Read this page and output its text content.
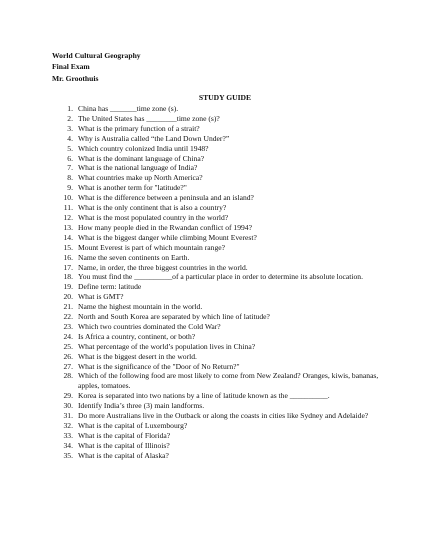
World Cultural Geography
Final Exam
Mr. Groothuis
STUDY GUIDE
1. China has _______time zone (s).
2. The United States has ________time zone (s)?
3. What is the primary function of a strait?
4. Why is Australia called “the Land Down Under?”
5. Which country colonized India until 1948?
6. What is the dominant language of China?
7. What is the national language of India?
8. What countries make up North America?
9. What is another term for "latitude?"
10. What is the difference between a peninsula and an island?
11. What is the only continent that is also a country?
12. What is the most populated country in the world?
13. How many people died in the Rwandan conflict of 1994?
14. What is the biggest danger while climbing Mount Everest?
15. Mount Everest is part of which mountain range?
16. Name the seven continents on Earth.
17. Name, in order, the three biggest countries in the world.
18. You must find the __________of a particular place in order to determine its absolute location.
19. Define term: latitude
20. What is GMT?
21. Name the highest mountain in the world.
22. North and South Korea are separated by which line of latitude?
23. Which two countries dominated the Cold War?
24. Is Africa a country, continent, or both?
25. What percentage of the world’s population lives in China?
26. What is the biggest desert in the world.
27. What is the significance of the "Door of No Return?"
28. Which of the following food are most likely to come from New Zealand? Oranges, kiwis, bananas, apples, tomatoes.
29. Korea is separated into two nations by a line of latitude known as the __________.
30. Identify India’s three (3) main landforms.
31. Do more Australians live in the Outback or along the coasts in cities like Sydney and Adelaide?
32. What is the capital of Luxembourg?
33. What is the capital of Florida?
34. What is the capital of Illinois?
35. What is the capital of Alaska?
